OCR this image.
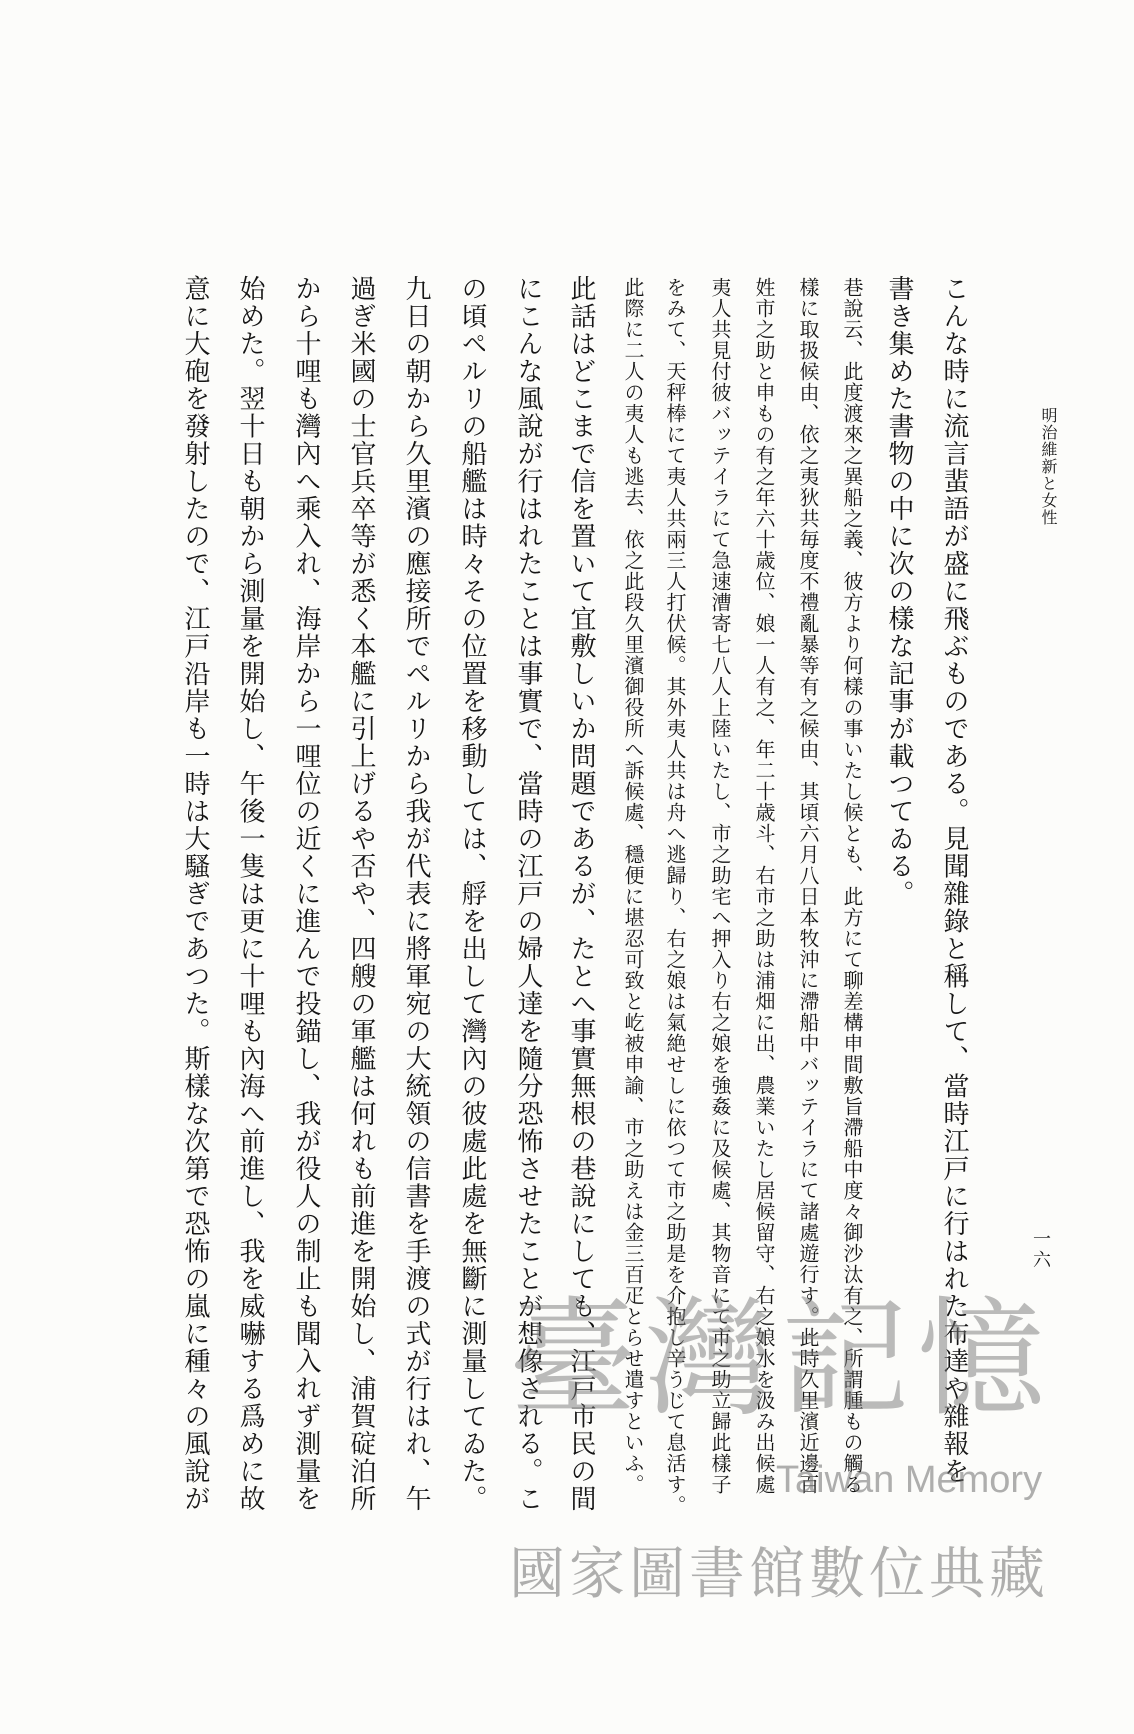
明治維新と女性
一六
こんな時に流言蜚語が盛に飛ぶものである。見聞雜錄と稱して、當時江戸に行はれた布達や雜報を
書き集めた書物の中に次の樣な記事が載つてゐる。
巷說云、此度渡來之異船之義、彼方より何樣の事いたし候とも、此方にて聊差構申間敷旨滯船中度々御沙汰有之、所謂腫もの觸る
樣に取扱候由、依之夷狄共毎度不禮亂暴等有之候由、其頃六月八日本牧沖に滯船中バッテイラにて諸處遊行す。此時久里濱近邊百
姓市之助と申もの有之年六十歳位、娘一人有之、年二十歳斗、右市之助は浦畑に出、農業いたし居候留守、右之娘水を汲み出候處
夷人共見付彼バッテイラにて急速漕寄七八人上陸いたし、市之助宅へ押入り右之娘を強姦に及候處、其物音にて市之助立歸此樣子
をみて、天秤棒にて夷人共兩三人打伏候。其外夷人共は舟へ逃歸り、右之娘は氣絶せしに依つて市之助是を介抱し辛うじて息活す。
此際に二人の夷人も逃去、依之此段久里濱御役所へ訴候處、穩便に堪忍可致と屹被申諭、市之助えは金三百疋とらせ遣すといふ。
此話はどこまで信を置いて宜敷しいか問題であるが、たとへ事實無根の巷說にしても、江戸市民の間
にこんな風說が行はれたことは事實で、當時の江戸の婦人達を隨分恐怖させたことが想像される。こ
の頃ペルリの船艦は時々その位置を移動しては、艀を出して灣內の彼處此處を無斷に測量してゐた。
九日の朝から久里濱の應接所でペルリから我が代表に將軍宛の大統領の信書を手渡の式が行はれ、午
過ぎ米國の士官兵卒等が悉く本艦に引上げるや否や、四艘の軍艦は何れも前進を開始し、浦賀碇泊所
から十哩も灣內へ乘入れ、海岸から一哩位の近くに進んで投錨し、我が役人の制止も聞入れず測量を
始めた。翌十日も朝から測量を開始し、午後一隻は更に十哩も內海へ前進し、我を威嚇する爲めに故
意に大砲を發射したので、江戸沿岸も一時は大騷ぎであつた。斯樣な次第で恐怖の嵐に種々の風說が 臺灣記憶
Taiwan Memory
國家圖書館數位典藏
